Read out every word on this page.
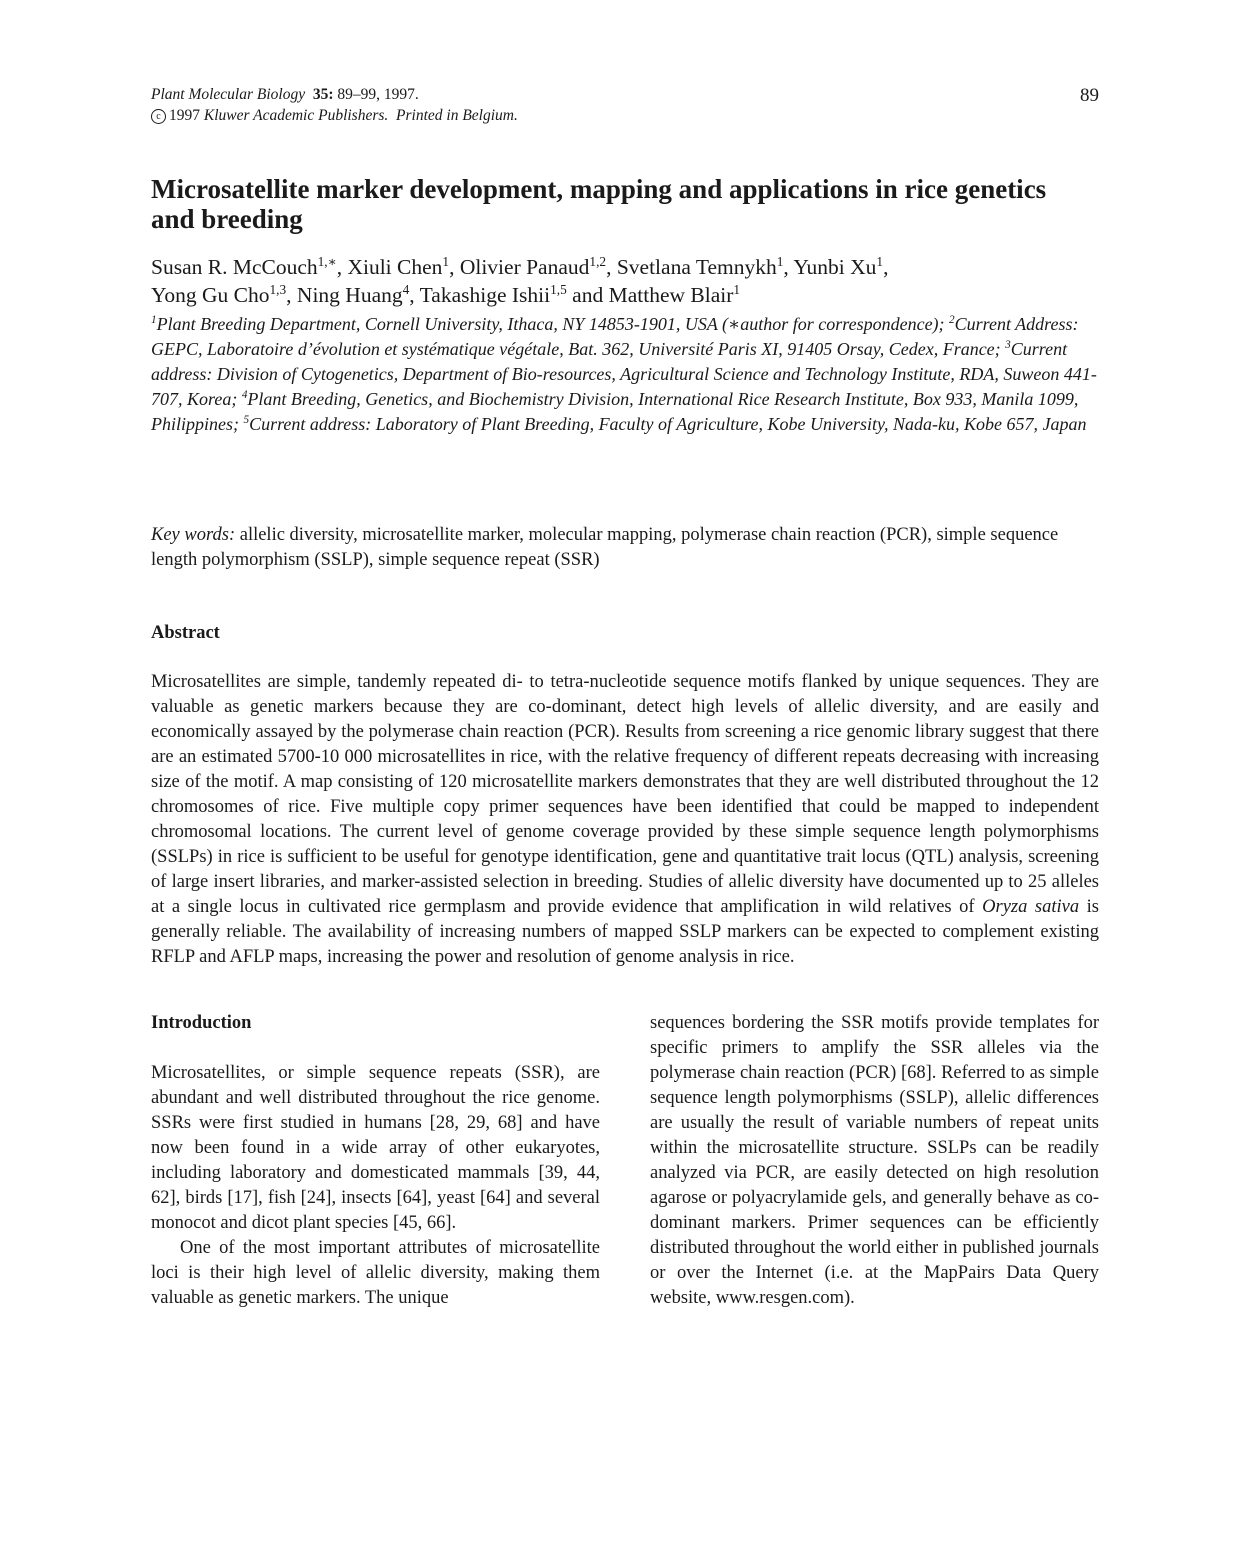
Plant Molecular Biology 35: 89–99, 1997.
c 1997 Kluwer Academic Publishers. Printed in Belgium.
89
Microsatellite marker development, mapping and applications in rice genetics and breeding
Susan R. McCouch$^{1,∗}$, Xiuli Chen$^1$, Olivier Panaud$^{1,2}$, Svetlana Temnykh$^1$, Yunbi Xu$^1$,
Yong Gu Cho$^{1,3}$, Ning Huang$^4$, Takashige Ishii$^{1,5}$ and Matthew Blair$^1$
$^1$Plant Breeding Department, Cornell University, Ithaca, NY 14853-1901, USA (∗author for correspondence); $^2$Current Address: GEPC, Laboratoire d’évolution et systématique végétale, Bat. 362, Université Paris XI, 91405 Orsay, Cedex, France; $^3$Current address: Division of Cytogenetics, Department of Bio-resources, Agricultural Science and Technology Institute, RDA, Suweon 441-707, Korea; $^4$Plant Breeding, Genetics, and Biochemistry Division, International Rice Research Institute, Box 933, Manila 1099, Philippines; $^5$Current address: Laboratory of Plant Breeding, Faculty of Agriculture, Kobe University, Nada-ku, Kobe 657, Japan
Key words: allelic diversity, microsatellite marker, molecular mapping, polymerase chain reaction (PCR), simple sequence length polymorphism (SSLP), simple sequence repeat (SSR)
Abstract
Microsatellites are simple, tandemly repeated di- to tetra-nucleotide sequence motifs flanked by unique sequences. They are valuable as genetic markers because they are co-dominant, detect high levels of allelic diversity, and are easily and economically assayed by the polymerase chain reaction (PCR). Results from screening a rice genomic library suggest that there are an estimated 5700-10 000 microsatellites in rice, with the relative frequency of different repeats decreasing with increasing size of the motif. A map consisting of 120 microsatellite markers demonstrates that they are well distributed throughout the 12 chromosomes of rice. Five multiple copy primer sequences have been identified that could be mapped to independent chromosomal locations. The current level of genome coverage provided by these simple sequence length polymorphisms (SSLPs) in rice is sufficient to be useful for genotype identification, gene and quantitative trait locus (QTL) analysis, screening of large insert libraries, and marker-assisted selection in breeding. Studies of allelic diversity have documented up to 25 alleles at a single locus in cultivated rice germplasm and provide evidence that amplification in wild relatives of Oryza sativa is generally reliable. The availability of increasing numbers of mapped SSLP markers can be expected to complement existing RFLP and AFLP maps, increasing the power and resolution of genome analysis in rice.
Introduction

Microsatellites, or simple sequence repeats (SSR), are abundant and well distributed throughout the rice genome. SSRs were first studied in humans [28, 29, 68] and have now been found in a wide array of other eukaryotes, including laboratory and domesticated mammals [39, 44, 62], birds [17], fish [24], insects [64], yeast [64] and several monocot and dicot plant species [45, 66].

One of the most important attributes of microsatellite loci is their high level of allelic diversity, making them valuable as genetic markers. The unique

sequences bordering the SSR motifs provide templates for specific primers to amplify the SSR alleles via the polymerase chain reaction (PCR) [68]. Referred to as simple sequence length polymorphisms (SSLP), allelic differences are usually the result of variable numbers of repeat units within the microsatellite structure. SSLPs can be readily analyzed via PCR, are easily detected on high resolution agarose or polyacrylamide gels, and generally behave as co- dominant markers. Primer sequences can be efficiently distributed throughout the world either in published journals or over the Internet (i.e. at the MapPairs Data Query website, www.resgen.com).
